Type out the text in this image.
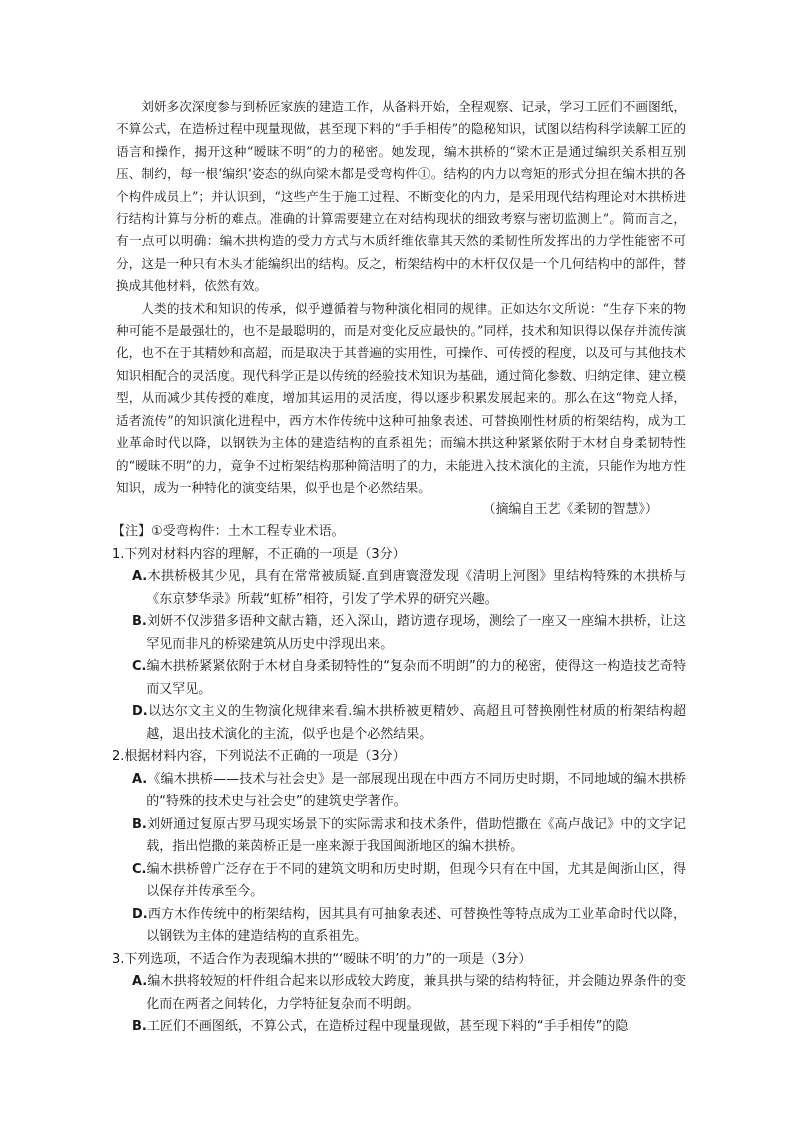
刘妍多次深度参与到桥匠家族的建造工作，从备料开始，全程观察、记录，学习工匠们不画图纸，不算公式，在造桥过程中现量现做，甚至现下料的“手手相传”的隐秘知识，试图以结构科学读解工匠的语言和操作，揭开这种“暧昧不明”的力的秘密。她发现，编木拱桥的“梁木正是通过编织关系相互别压、制约，每一根‘编织’姿态的纵向梁木都是受弯构件①。结构的内力以弯矩的形式分担在编木拱的各个构件成员上”；并认识到，“这些产生于施工过程、不断变化的内力，是采用现代结构理论对木拱桥进行结构计算与分析的难点。准确的计算需要建立在对结构现状的细致考察与密切监测上”。简而言之，有一点可以明确：编木拱构造的受力方式与木质纤维依靠其天然的柔韧性所发挥出的力学性能密不可分，这是一种只有木头才能编织出的结构。反之，桁架结构中的木杆仅仅是一个几何结构中的部件，替换成其他材料，依然有效。

人类的技术和知识的传承，似乎遵循着与物种演化相同的规律。正如达尔文所说：“生存下来的物种可能不是最强壮的，也不是最聪明的，而是对变化反应最快的。”同样，技术和知识得以保存并流传演化，也不在于其精妙和高超，而是取决于其普遍的实用性，可操作、可传授的程度，以及可与其他技术知识相配合的灵活度。现代科学正是以传统的经验技术知识为基础，通过简化参数、归纳定律、建立模型，从而减少其传授的难度，增加其运用的灵活度，得以逐步积累发展起来的。那么在这“物竞人择，适者流传”的知识演化进程中，西方木作传统中这种可抽象表述、可替换刚性材质的桁架结构，成为工业革命时代以降，以钢铁为主体的建造结构的直系祖先；而编木拱这种紧紧依附于木材自身柔韧特性的“暧昧不明”的力，竟争不过桁架结构那种简洁明了的力，未能进入技术演化的主流，只能作为地方性知识，成为一种特化的演变结果，似乎也是个必然结果。

（摘编自王艺《柔韧的智慧》）

【注】①受弯构件：土木工程专业术语。

1.下列对材料内容的理解，不正确的一项是（3分）

A.木拱桥极其少见，具有在常常被质疑.直到唐寰澄发现《清明上河图》里结构特殊的木拱桥与《东京梦华录》所载“虹桥”相符，引发了学术界的研究兴趣。

B.刘妍不仅涉猎多语种文献古籍，还入深山，踏访遗存现场，测绘了一座又一座编木拱桥，让这罕见而非凡的桥梁建筑从历史中浮现出来。

C.编木拱桥紧紧依附于木材自身柔韧特性的“复杂而不明朗”的力的秘密，使得这一构造技艺奇特而又罕见。

D.以达尔文主义的生物演化规律来看.编木拱桥被更精妙、高超且可替换刚性材质的桁架结构超越，退出技术演化的主流，似乎也是个必然结果。

2.根据材料内容，下列说法不正确的一项是（3分）

A.《编木拱桥——技术与社会史》是一部展现出现在中西方不同历史时期，不同地域的编木拱桥的“特殊的技术史与社会史”的建筑史学著作。

B.刘妍通过复原古罗马现实场景下的实际需求和技术条件，借助恺撒在《高卢战记》中的文字记载，指出恺撒的莱茵桥正是一座来源于我国闽浙地区的编木拱桥。

C.编木拱桥曾广泛存在于不同的建筑文明和历史时期，但现今只有在中国，尤其是闽浙山区，得以保存并传承至今。

D.西方木作传统中的桁架结构，因其具有可抽象表述、可替换性等特点成为工业革命时代以降，以钢铁为主体的建造结构的直系祖先。

3.下列选项，不适合作为表现编木拱的“‘暧昧不明’的力”的一项是（3分）

A.编木拱将较短的杆件组合起来以形成较大跨度，兼具拱与梁的结构特征，并会随边界条件的变化而在两者之间转化，力学特征复杂而不明朗。

B.工匠们不画图纸，不算公式，在造桥过程中现量现做，甚至现下料的“手手相传”的隐
